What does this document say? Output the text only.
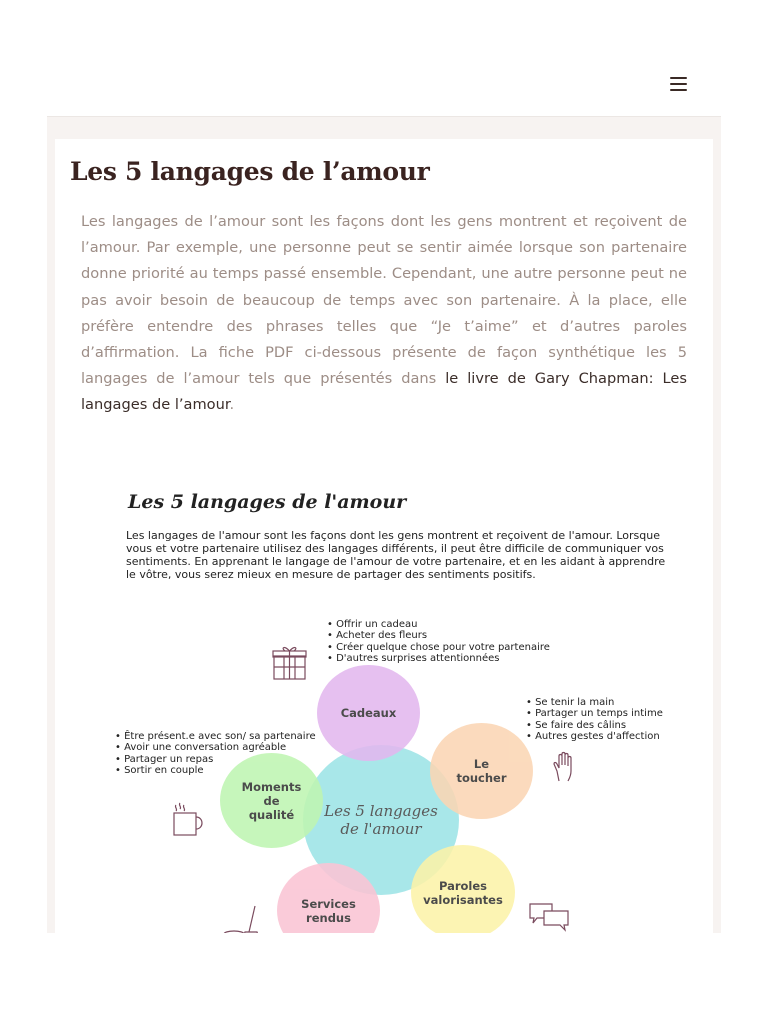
Les 5 langages de l’amour

Les langages de l’amour sont les façons dont les gens montrent et reçoivent de l’amour. Par exemple, une personne peut se sentir aimée lorsque son partenaire donne priorité au temps passé ensemble. Cependant, une autre personne peut ne pas avoir besoin de beaucoup de temps avec son partenaire. À la place, elle préfère entendre des phrases telles que “Je t’aime” et d’autres paroles d’affirmation. La fiche PDF ci-dessous présente de façon synthétique les 5 langages de l’amour tels que présentés dans le livre de Gary Chapman: Les langages de l’amour.

Les 5 langages de l'amour

Les langages de l'amour sont les façons dont les gens montrent et reçoivent de l'amour. Lorsque vous et votre partenaire utilisez des langages différents, il peut être difficile de communiquer vos sentiments. En apprenant le langage de l'amour de votre partenaire, et en les aidant à apprendre le vôtre, vous serez mieux en mesure de partager des sentiments positifs.

• Offrir un cadeau
• Acheter des fleurs
• Créer quelque chose pour votre partenaire
• D'autres surprises attentionnées
• Se tenir la main
• Partager un temps intime
• Se faire des câlins
• Autres gestes d'affection
• Être présent.e avec son/ sa partenaire
• Avoir une conversation agréable
• Partager un repas
• Sortir en couple
Les 5 langages
de l'amour
Cadeaux
Le
toucher
Moments
de
qualité
Paroles
valorisantes
Services
rendus
